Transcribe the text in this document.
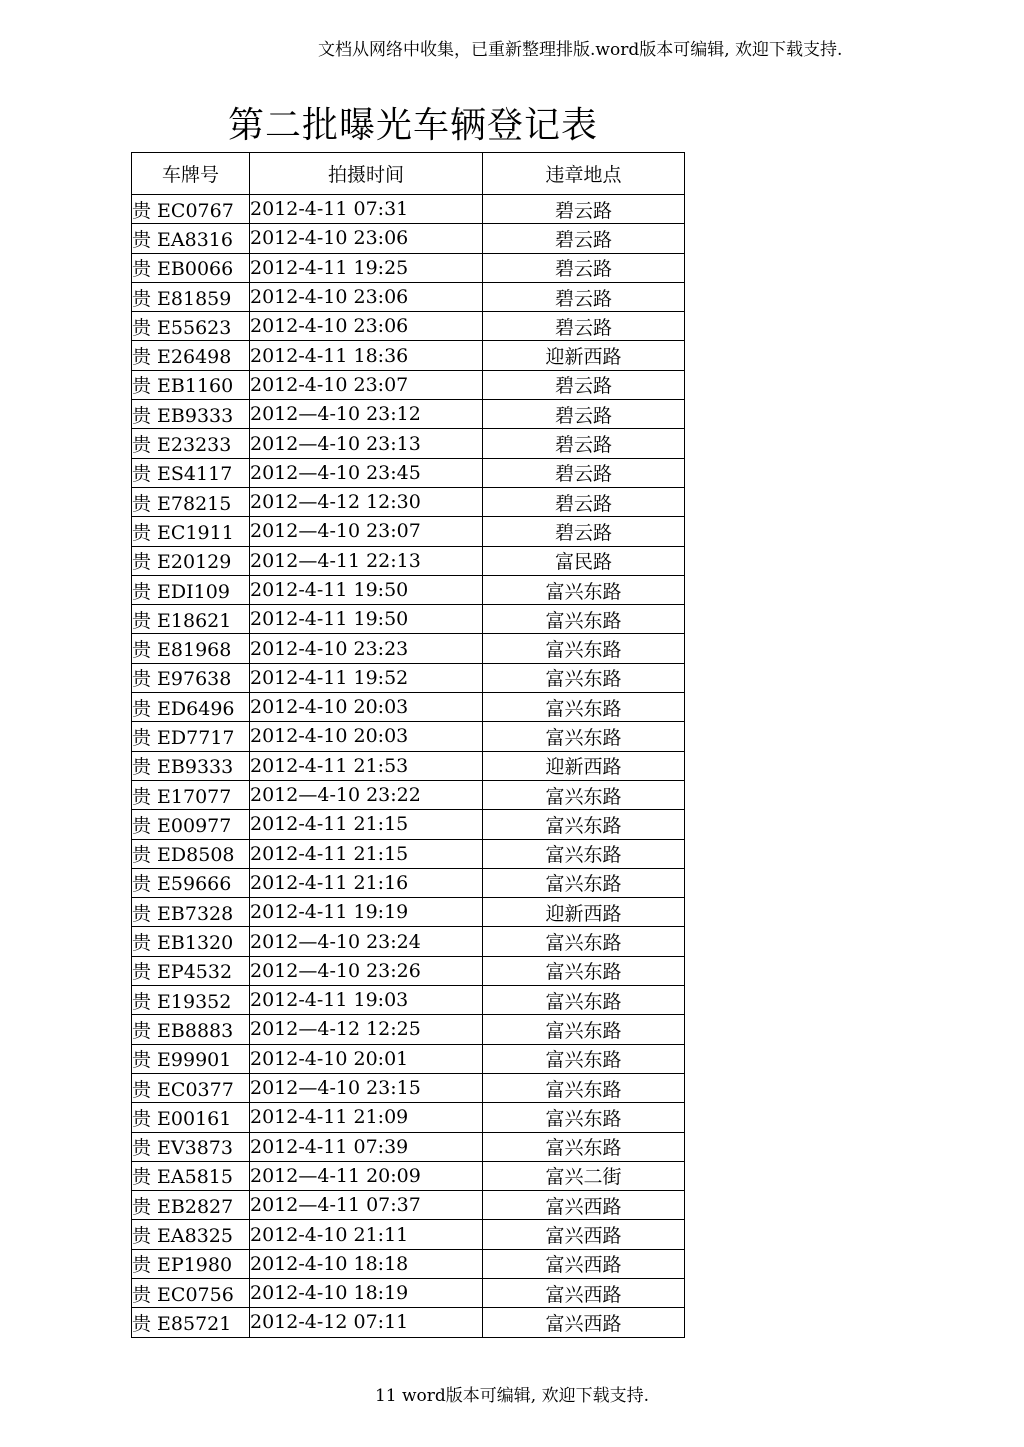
文档从网络中收集，已重新整理排版.word版本可编辑, 欢迎下载支持.
第二批曝光车辆登记表
车牌号	拍摄时间	违章地点
贵 EC0767	2012-4-11 07:31	碧云路
贵 EA8316	2012-4-10 23:06	碧云路
贵 EB0066	2012-4-11 19:25	碧云路
贵 E81859	2012-4-10 23:06	碧云路
贵 E55623	2012-4-10 23:06	碧云路
贵 E26498	2012-4-11 18:36	迎新西路
贵 EB1160	2012-4-10 23:07	碧云路
贵 EB9333	2012—4-10 23:12	碧云路
贵 E23233	2012—4-10 23:13	碧云路
贵 ES4117	2012—4-10 23:45	碧云路
贵 E78215	2012—4-12 12:30	碧云路
贵 EC1911	2012—4-10 23:07	碧云路
贵 E20129	2012—4-11 22:13	富民路
贵 EDI109	2012-4-11 19:50	富兴东路
贵 E18621	2012-4-11 19:50	富兴东路
贵 E81968	2012-4-10 23:23	富兴东路
贵 E97638	2012-4-11 19:52	富兴东路
贵 ED6496	2012-4-10 20:03	富兴东路
贵 ED7717	2012-4-10 20:03	富兴东路
贵 EB9333	2012-4-11 21:53	迎新西路
贵 E17077	2012—4-10 23:22	富兴东路
贵 E00977	2012-4-11 21:15	富兴东路
贵 ED8508	2012-4-11 21:15	富兴东路
贵 E59666	2012-4-11 21:16	富兴东路
贵 EB7328	2012-4-11 19:19	迎新西路
贵 EB1320	2012—4-10 23:24	富兴东路
贵 EP4532	2012—4-10 23:26	富兴东路
贵 E19352	2012-4-11 19:03	富兴东路
贵 EB8883	2012—4-12 12:25	富兴东路
贵 E99901	2012-4-10 20:01	富兴东路
贵 EC0377	2012—4-10 23:15	富兴东路
贵 E00161	2012-4-11 21:09	富兴东路
贵 EV3873	2012-4-11 07:39	富兴东路
贵 EA5815	2012—4-11 20:09	富兴二街
贵 EB2827	2012—4-11 07:37	富兴西路
贵 EA8325	2012-4-10 21:11	富兴西路
贵 EP1980	2012-4-10 18:18	富兴西路
贵 EC0756	2012-4-10 18:19	富兴西路
贵 E85721	2012-4-12 07:11	富兴西路
11 word版本可编辑, 欢迎下载支持.
